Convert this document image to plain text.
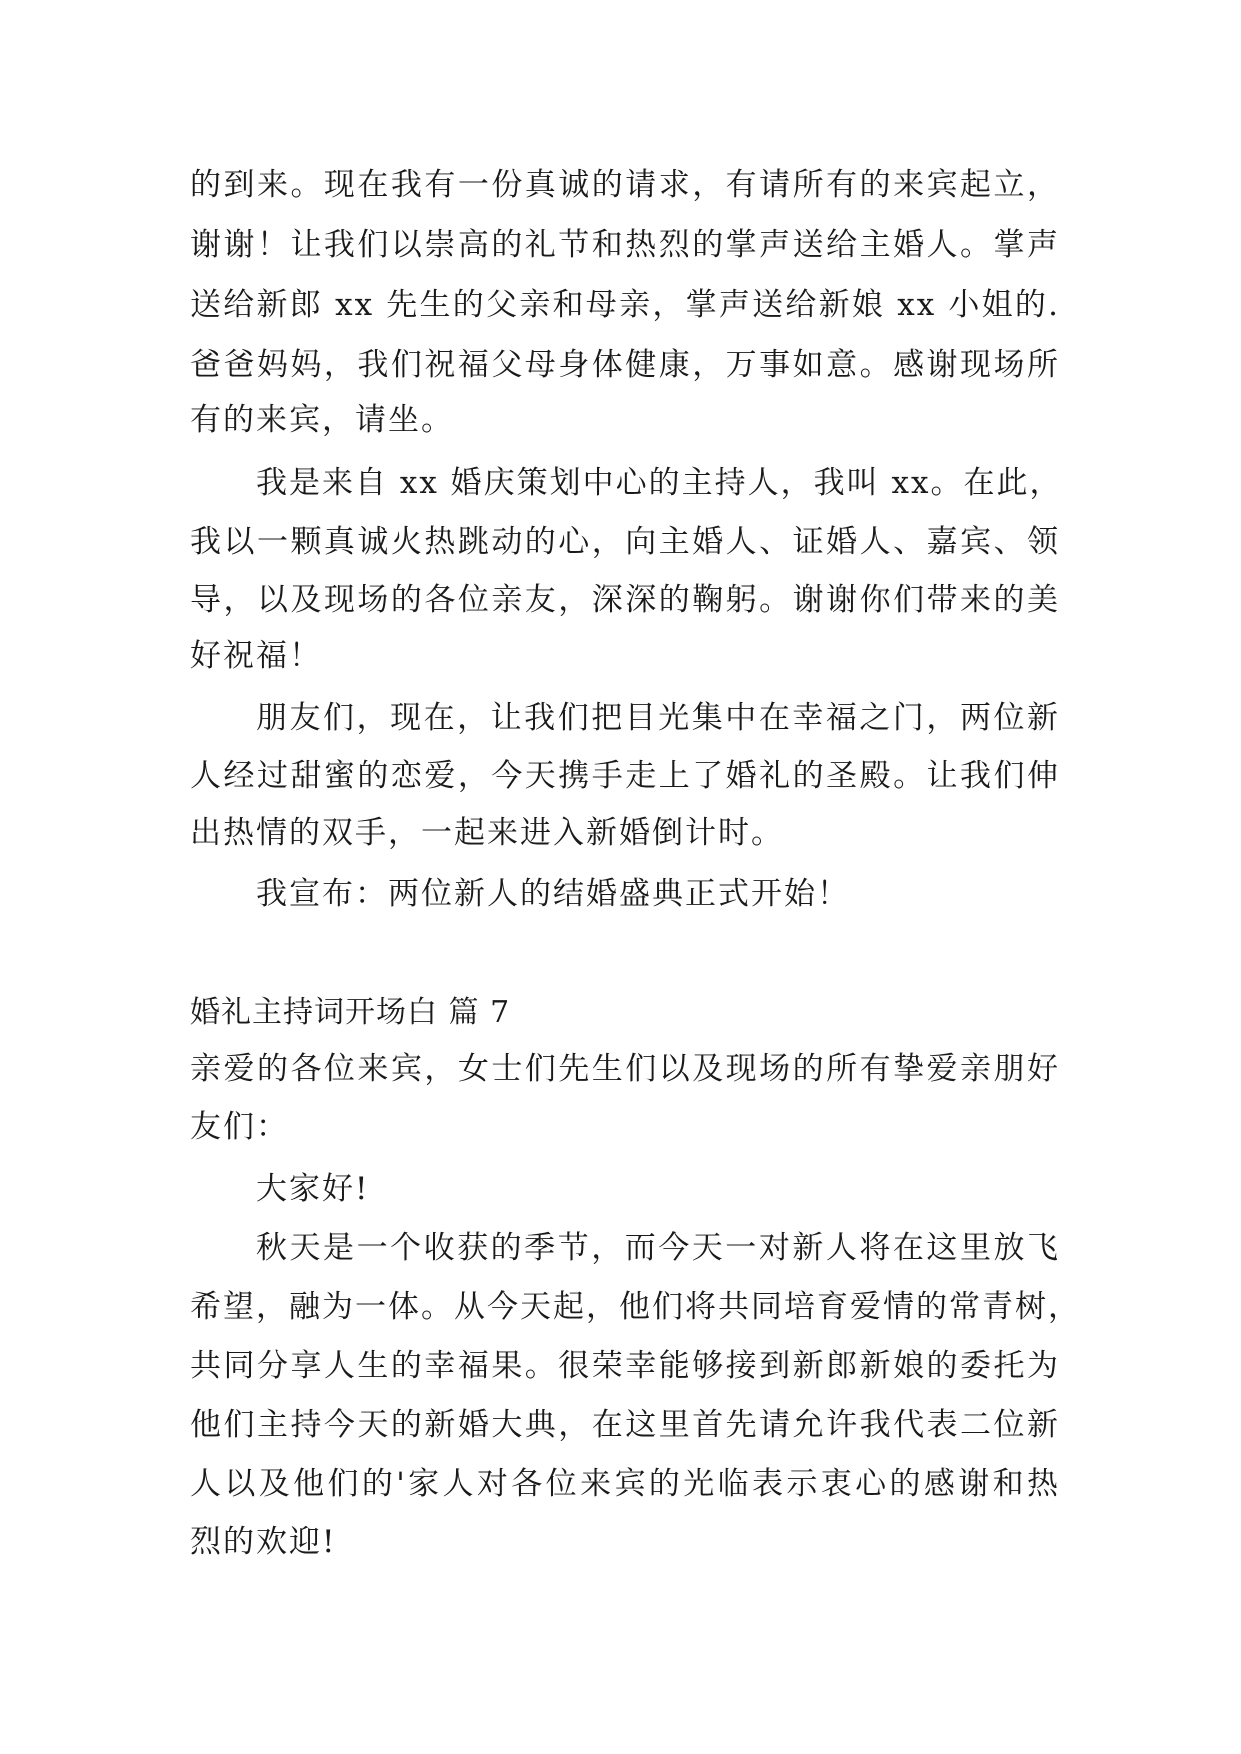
的到来。现在我有一份真诚的请求，有请所有的来宾起立，
谢谢！让我们以崇高的礼节和热烈的掌声送给主婚人。掌声
送给新郎 xx 先生的父亲和母亲，掌声送给新娘 xx 小姐的.
爸爸妈妈，我们祝福父母身体健康，万事如意。感谢现场所
有的来宾，请坐。
我是来自 xx 婚庆策划中心的主持人，我叫 xx。在此，
我以一颗真诚火热跳动的心，向主婚人、证婚人、嘉宾、领
导，以及现场的各位亲友，深深的鞠躬。谢谢你们带来的美
好祝福！
朋友们，现在，让我们把目光集中在幸福之门，两位新
人经过甜蜜的恋爱，今天携手走上了婚礼的圣殿。让我们伸
出热情的双手，一起来进入新婚倒计时。
我宣布：两位新人的结婚盛典正式开始！
婚礼主持词开场白 篇 7
亲爱的各位来宾，女士们先生们以及现场的所有挚爱亲朋好
友们：
大家好!
秋天是一个收获的季节，而今天一对新人将在这里放飞
希望，融为一体。从今天起，他们将共同培育爱情的常青树，
共同分享人生的幸福果。很荣幸能够接到新郎新娘的委托为
他们主持今天的新婚大典，在这里首先请允许我代表二位新
人以及他们的'家人对各位来宾的光临表示衷心的感谢和热
烈的欢迎!
